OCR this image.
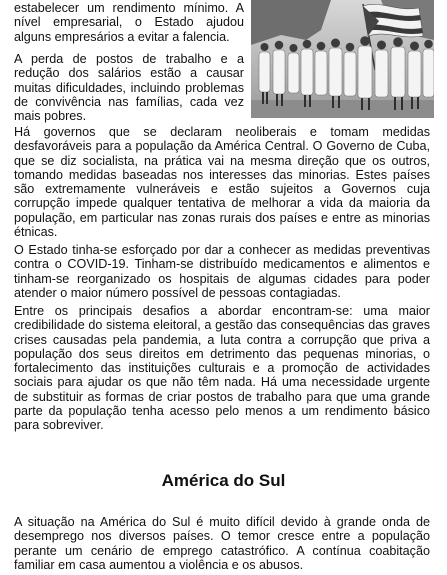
estabelecer um rendimento mínimo. A nível empresarial, o Estado ajudou alguns empresários a evitar a falencia.

A perda de postos de trabalho e a redução dos salários estão a causar muitas dificuldades, incluindo problemas de convivência nas famílias, cada vez mais pobres.

Há governos que se declaram neoliberais e tomam medidas desfavoráveis para a população da América Central. O Governo de Cuba, que se diz socialista, na prática vai na mesma direção que os outros, tomando medidas baseadas nos interesses das minorias. Estes países são extremamente vulneráveis e estão sujeitos a Governos cuja corrupção impede qualquer tentativa de melhorar a vida da maioria da população, em particular nas zonas rurais dos países e entre as minorias étnicas.

O Estado tinha-se esforçado por dar a conhecer as medidas preventivas contra o COVID-19. Tinham-se distribuído medicamentos e alimentos e tinham-se reorganizado os hospitais de algumas cidades para poder atender o maior número possível de pessoas contagiadas.

Entre os principais desafios a abordar encontram-se: uma maior credibilidade do sistema eleitoral, a gestão das consequências das graves crises causadas pela pandemia, a luta contra a corrupção que priva a população dos seus direitos em detrimento das pequenas minorias, o fortalecimento das instituições culturais e a promoção de actividades sociais para ajudar os que não têm nada. Há uma necessidade urgente de substituir as formas de criar postos de trabalho para que uma grande parte da população tenha acesso pelo menos a um rendimento básico para sobreviver.

América do Sul

A situação na América do Sul é muito difícil devido à grande onda de desemprego nos diversos países. O temor cresce entre a população perante um cenário de emprego catastrófico. A contínua coabitação familiar em casa aumentou a violência e os abusos.
